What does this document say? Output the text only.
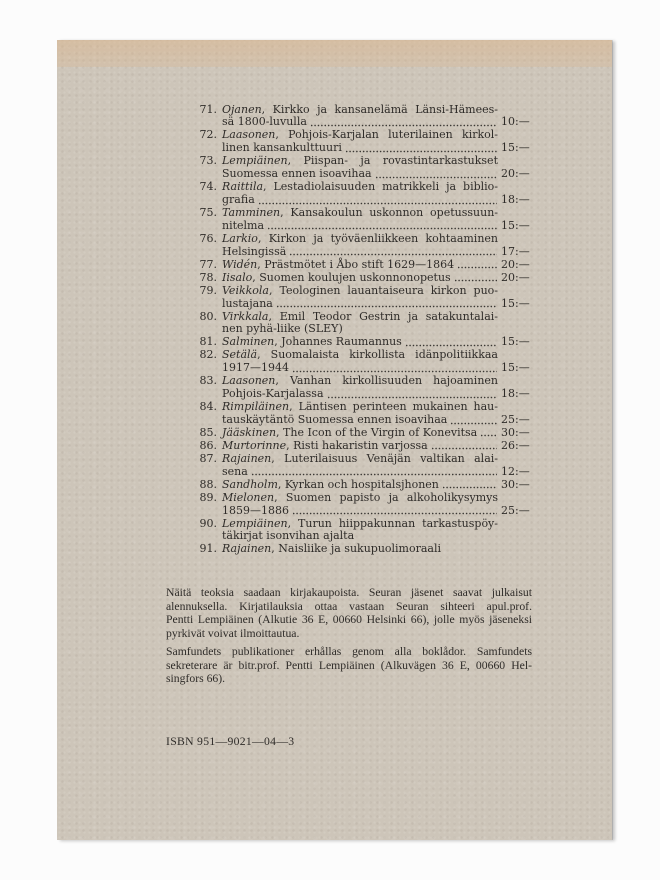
71. Ojanen, Kirkko ja kansanelämä Länsi-Hämees-
sä 1800-luvulla	10:—
72. Laasonen, Pohjois-Karjalan luterilainen kirkol-
linen kansankulttuuri	15:—
73. Lempiäinen, Piispan- ja rovastintarkastukset
Suomessa ennen isoavihaa	20:—
74. Raittila, Lestadiolaisuuden matrikkeli ja biblio-
grafia	18:—
75. Tamminen, Kansakoulun uskonnon opetussuun-
nitelma	15:—
76. Larkio, Kirkon ja työväenliikkeen kohtaaminen
Helsingissä	17:—
77. Widén, Prästmötet i Åbo stift 1629—1864	20:—
78. Iisalo, Suomen koulujen uskonnonopetus	20:—
79. Veikkola, Teologinen lauantaiseura kirkon puo-
lustajana	15:—
80. Virkkala, Emil Teodor Gestrin ja satakuntalai-
nen pyhä-liike (SLEY)
81. Salminen, Johannes Raumannus	15:—
82. Setälä, Suomalaista kirkollista idänpolitiikkaa
1917—1944	15:—
83. Laasonen, Vanhan kirkollisuuden hajoaminen
Pohjois-Karjalassa	18:—
84. Rimpiläinen, Läntisen perinteen mukainen hau-
tauskäytäntö Suomessa ennen isoavihaa	25:—
85. Jääskinen, The Icon of the Virgin of Konevitsa 30:—
86. Murtorinne, Risti hakaristin varjossa	26:—
87. Rajainen, Luterilaisuus Venäjän valtikan alai-
sena	12:—
88. Sandholm, Kyrkan och hospitalsjhonen	30:—
89. Mielonen, Suomen papisto ja alkoholikysymys
1859—1886	25:—
90. Lempiäinen, Turun hiippakunnan tarkastuspöy-
täkirjat isonvihan ajalta
91. Rajainen, Naisliike ja sukupuolimoraali
Näitä teoksia saadaan kirjakaupoista. Seuran jäsenet saavat julkaisut
alennuksella. Kirjatilauksia ottaa vastaan Seuran sihteeri apul.prof.
Pentti Lempiäinen (Alkutie 36 E, 00660 Helsinki 66), jolle myös jäseneksi
pyrkivät voivat ilmoittautua.
Samfundets publikationer erhållas genom alla boklådor. Samfundets
sekreterare är bitr.prof. Pentti Lempiäinen (Alkuvägen 36 E, 00660 Hel-
singfors 66).
ISBN 951—9021—04—3
